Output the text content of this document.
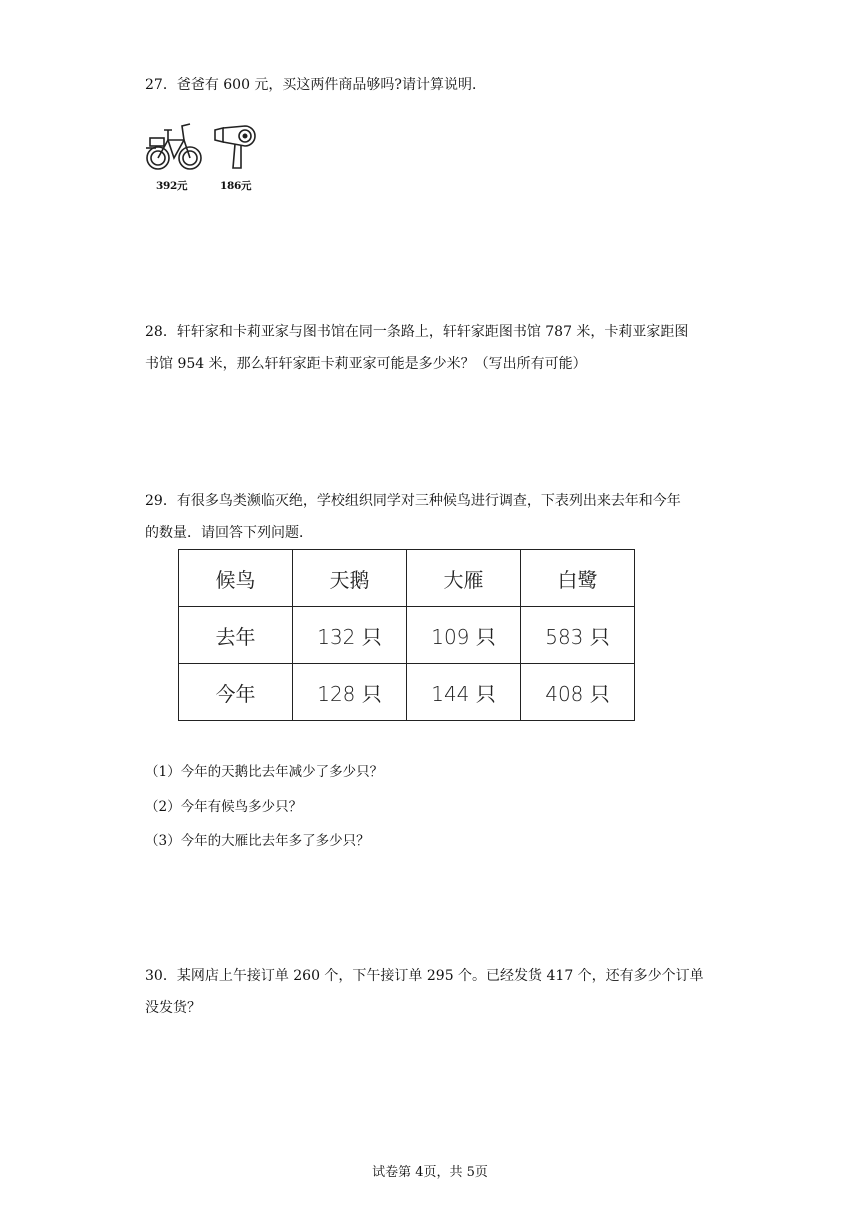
27．爸爸有 600 元，买这两件商品够吗?请计算说明．

392元	186元

28．轩轩家和卡莉亚家与图书馆在同一条路上，轩轩家距图书馆 787 米，卡莉亚家距图

书馆 954 米，那么轩轩家距卡莉亚家可能是多少米？（写出所有可能）

29．有很多鸟类濒临灭绝，学校组织同学对三种候鸟进行调查，下表列出来去年和今年

的数量．请回答下列问题．

候鸟	天鹅	大雁	白鹭
去年	132 只	109 只	583 只
今年	128 只	144 只	408 只
（1）今年的天鹅比去年减少了多少只？
（2）今年有候鸟多少只？
（3）今年的大雁比去年多了多少只？

30．某网店上午接订单 260 个，下午接订单 295 个。已经发货 417 个，还有多少个订单

没发货？

试卷第 4页，共 5页
